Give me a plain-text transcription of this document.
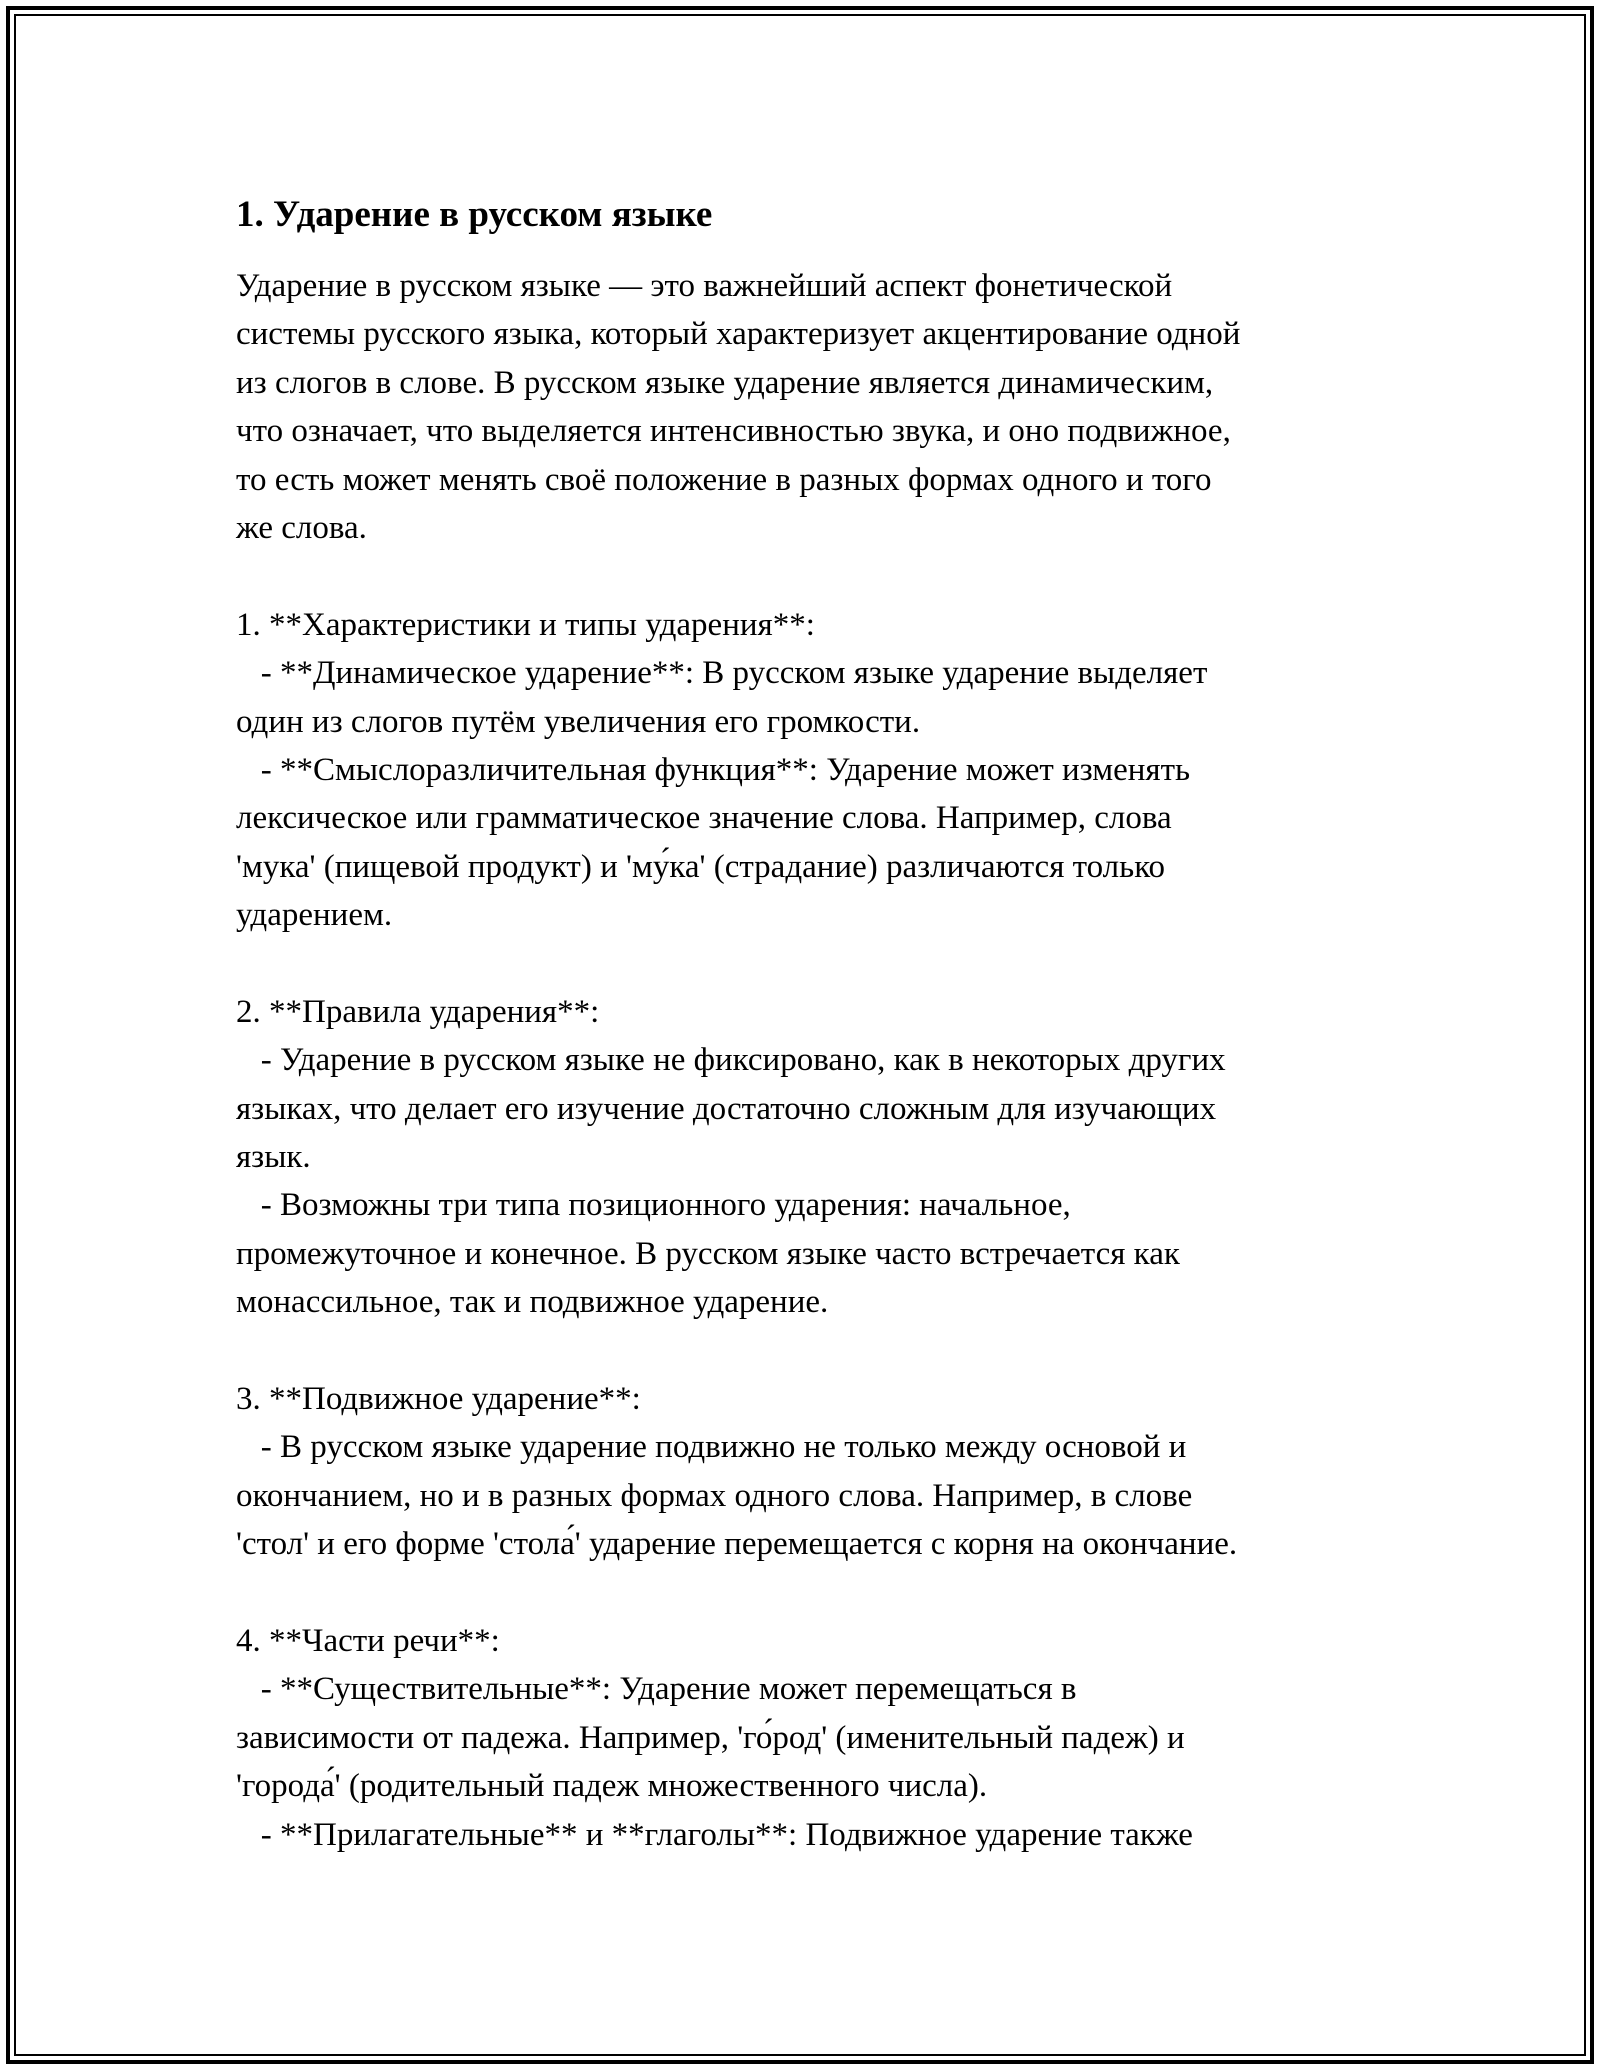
1. Ударение в русском языке
Ударение в русском языке — это важнейший аспект фонетической
системы русского языка, который характеризует акцентирование одной
из слогов в слове. В русском языке ударение является динамическим,
что означает, что выделяется интенсивностью звука, и оно подвижное,
то есть может менять своё положение в разных формах одного и того
же слова.
1. **Характеристики и типы ударения**:
- **Динамическое ударение**: В русском языке ударение выделяет
один из слогов путём увеличения его громкости.
- **Смыслоразличительная функция**: Ударение может изменять
лексическое или грамматическое значение слова. Например, слова
'мука' (пищевой продукт) и 'му́ка' (страдание) различаются только
ударением.
2. **Правила ударения**:
- Ударение в русском языке не фиксировано, как в некоторых других
языках, что делает его изучение достаточно сложным для изучающих
язык.
- Возможны три типа позиционного ударения: начальное,
промежуточное и конечное. В русском языке часто встречается как
монассильное, так и подвижное ударение.
3. **Подвижное ударение**:
- В русском языке ударение подвижно не только между основой и
окончанием, но и в разных формах одного слова. Например, в слове
'стол' и его форме 'стола́' ударение перемещается с корня на окончание.
4. **Части речи**:
- **Существительные**: Ударение может перемещаться в
зависимости от падежа. Например, 'го́род' (именительный падеж) и
'города́' (родительный падеж множественного числа).
- **Прилагательные** и **глаголы**: Подвижное ударение также
